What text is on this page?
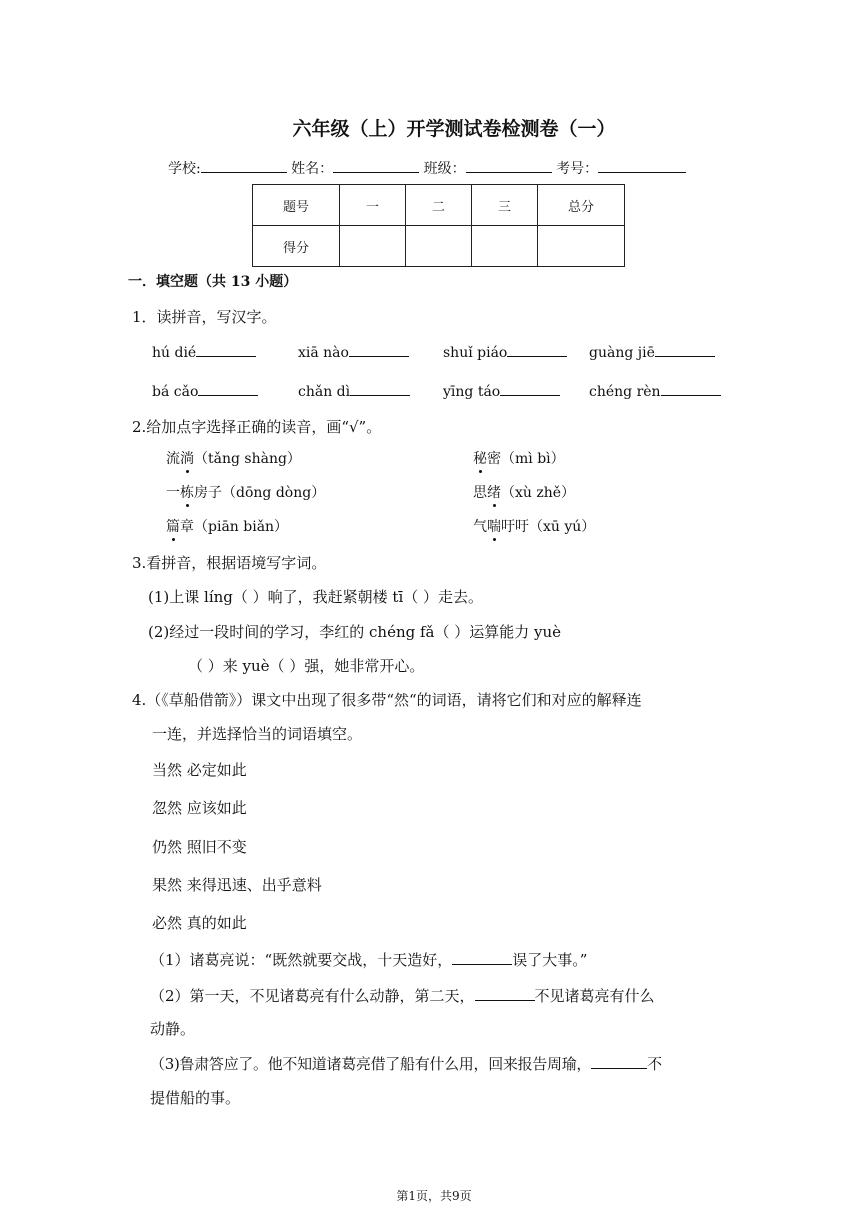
六年级（上）开学测试卷检测卷（一）
学校:	姓名：	班级：	考号：
题号	一	二	三	总分
得分				
一．填空题（共 13 小题）
1．读拼音，写汉字。
hú dié	xiā nào	shuǐ piáo	guàng jiē
bá cǎo	chǎn dì	yīng táo	chéng rèn
2.给加点字选择正确的读音，画“√”。
流淌（tǎng shàng）	秘密（mì bì）
一栋房子（dōng dòng）	思绪（xù zhě）
篇章（piān biǎn）	气喘吁吁（xū yú）
3.看拼音，根据语境写字词。
(1)上课 líng（ ）响了，我赶紧朝楼 tī（ ）走去。
(2)经过一段时间的学习，李红的 chéng fǎ（ ）运算能力 yuè
（ ）来 yuè（ ）强，她非常开心。
4.（《草船借箭》）课文中出现了很多带“然“的词语，请将它们和对应的解释连
一连，并选择恰当的词语填空。
当然 必定如此
忽然 应该如此
仍然 照旧不变
果然 来得迅速、出乎意料
必然 真的如此
（1）诸葛亮说：“既然就要交战，十天造好，	误了大事。”
（2）第一天，不见诸葛亮有什么动静，第二天，	不见诸葛亮有什么
动静。
（3)鲁肃答应了。他不知道诸葛亮借了船有什么用，回来报告周瑜，	不
提借船的事。
第1页，共9页
